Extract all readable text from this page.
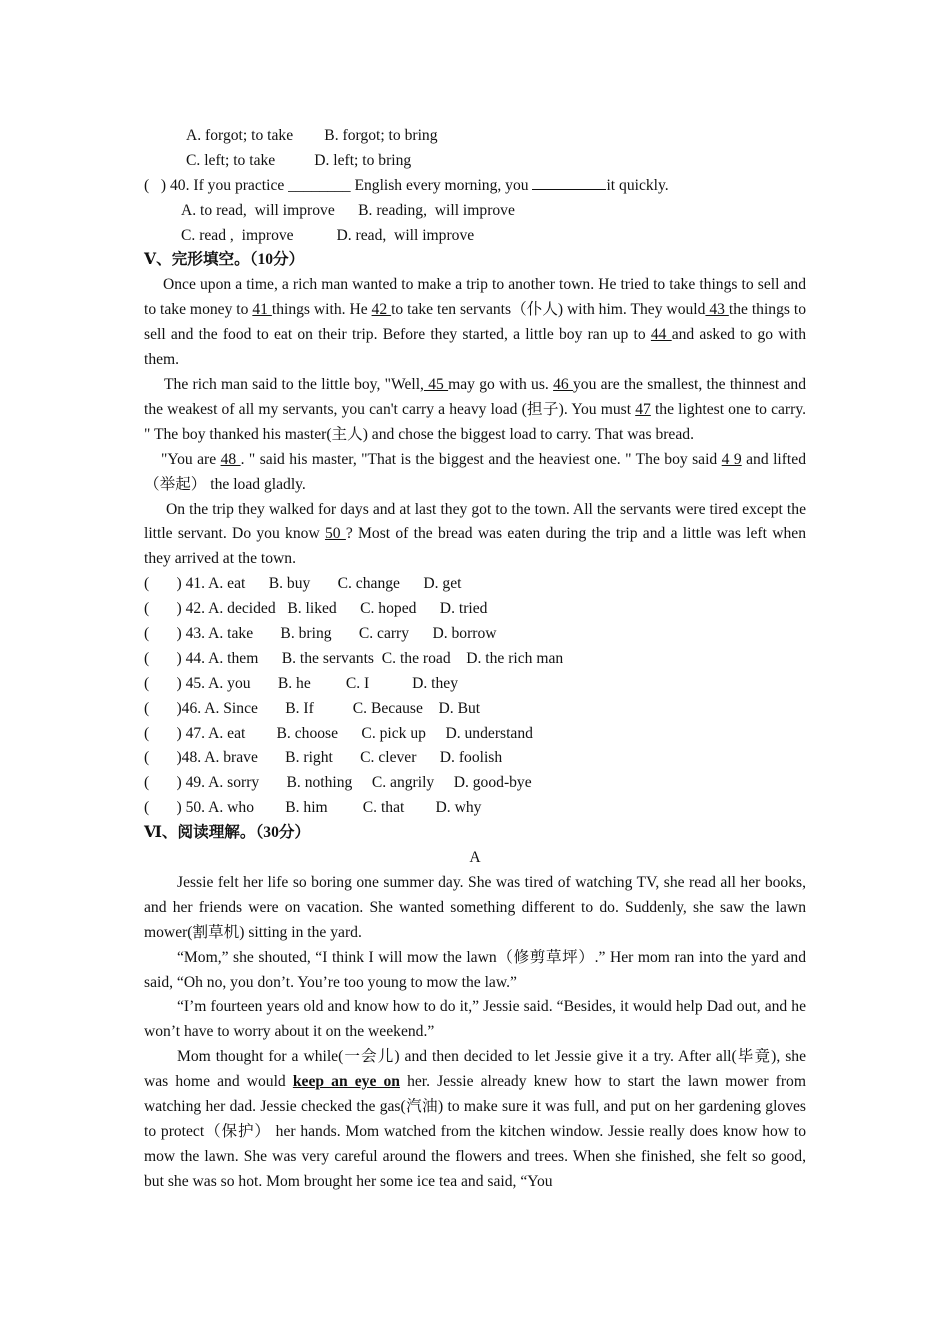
A. forgot; to take        B. forgot; to bring
C. left; to take          D. left; to bring
(   ) 40. If you practice ________ English every morning, you	it quickly.
A. to read,  will improve      B. reading,  will improve
C. read ,  improve           D. read,  will improve
Ⅴ、完形填空。（10分）

Once upon a time, a rich man wanted to make a trip to another town. He tried to take things to sell and to take money to 41 things with. He 42 to take ten servants（仆人) with him. They would 43 the things to sell and the food to eat on their trip. Before they started, a little boy ran up to 44 and asked to go with them.

The rich man said to the little boy, "Well, 45 may go with us. 46 you are the smallest, the thinnest and the weakest of all my servants, you can't carry a heavy load (担子). You must 47 the lightest one to carry. " The boy thanked his master(主人) and chose the biggest load to carry. That was bread.

"You are 48 . " said his master, "That is the biggest and the heaviest one. " The boy said 4 9 and lifted（举起） the load gladly.

On the trip they walked for days and at last they got to the town. All the servants were tired except the little servant. Do you know 50 ? Most of the bread was eaten during the trip and a little was left when they arrived at the town.

(       ) 41. A. eat      B. buy       C. change      D. get
(       ) 42. A. decided   B. liked      C. hoped      D. tried
(       ) 43. A. take       B. bring       C. carry      D. borrow
(       ) 44. A. them      B. the servants  C. the road    D. the rich man
(       ) 45. A. you       B. he         C. I           D. they
(       )46. A. Since       B. If          C. Because    D. But
(       ) 47. A. eat        B. choose      C. pick up     D. understand
(       )48. A. brave       B. right       C. clever      D. foolish
(       ) 49. A. sorry       B. nothing     C. angrily     D. good-bye
(       ) 50. A. who        B. him         C. that        D. why
Ⅵ、阅读理解。（30分）
A

Jessie felt her life so boring one summer day. She was tired of watching TV, she read all her books, and her friends were on vacation. She wanted something different to do. Suddenly, she saw the lawn mower(割草机) sitting in the yard.

“Mom,” she shouted, “I think I will mow the lawn（修剪草坪）.” Her mom ran into the yard and said, “Oh no, you don’t. You’re too young to mow the law.”

“I’m fourteen years old and know how to do it,” Jessie said. “Besides, it would help Dad out, and he won’t have to worry about it on the weekend.”

Mom thought for a while(一会儿) and then decided to let Jessie give it a try. After all(毕竟), she was home and would keep an eye on her. Jessie already knew how to start the lawn mower from watching her dad. Jessie checked the gas(汽油) to make sure it was full, and put on her gardening gloves to protect（保护） her hands. Mom watched from the kitchen window. Jessie really does know how to mow the lawn. She was very careful around the flowers and trees. When she finished, she felt so good, but she was so hot. Mom brought her some ice tea and said, “You
